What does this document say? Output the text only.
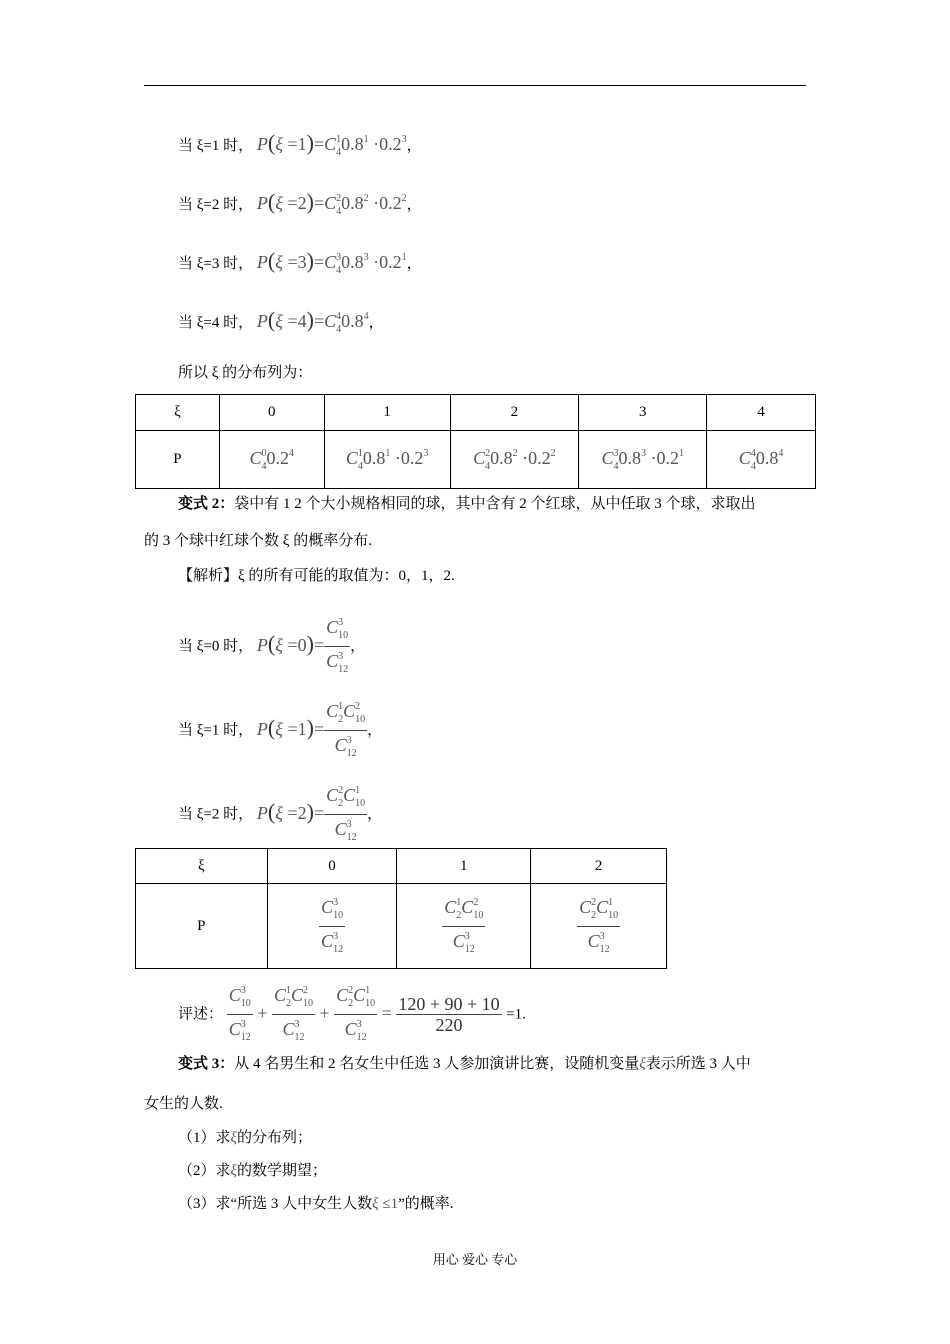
当 ξ=1 时， $P(\xi =1)=C^1_40.8^1 \cdot 0.2^3$，
当 ξ=2 时， $P(\xi =2)=C^2_40.8^2 \cdot 0.2^2$，
当 ξ=3 时， $P(\xi =3)=C^3_40.8^3 \cdot 0.2^1$，
当 ξ=4 时， $P(\xi =4)=C^4_40.8^4$，
所以 ξ 的分布列为：
ξ	0	1	2	3	4
P	$C^0_40.2^4$	$C^1_40.8^1 \cdot 0.2^3$	$C^2_40.8^2 \cdot 0.2^2$	$C^3_40.8^3 \cdot 0.2^1$	$C^4_40.8^4$
变式 2：袋中有 1 2 个大小规格相同的球，其中含有 2 个红球，从中任取 3 个球，求取出
的 3 个球中红球个数 ξ 的概率分布.
【解析】ξ 的所有可能的取值为：0，1，2.
当 ξ=0 时， $P(\xi =0)= \frac{C^3_{10}}{C^3_{12}}$ ，
当 ξ=1 时， $P(\xi =1)= \frac{C^1_2C^2_{10}}{C^3_{12}}$ ，
当 ξ=2 时， $P(\xi =2)= \frac{C^2_2C^1_{10}}{C^3_{12}}$ ，
ξ	0	1	2
P	$\frac{C^3_{10}}{C^3_{12}}$	$\frac{C^1_2C^2_{10}}{C^3_{12}}$	$\frac{C^2_2C^1_{10}}{C^3_{12}}$
评述： $\frac{C^3_{10}}{C^3_{12}} + \frac{C^1_2C^2_{10}}{C^3_{12}} + \frac{C^2_2C^1_{10}}{C^3_{12}} = \frac{120 + 90 + 10}{220} =1$.
变式 3：从 4 名男生和 2 名女生中任选 3 人参加演讲比赛，设随机变量ξ表示所选 3 人中
女生的人数.
（1）求ξ的分布列；
（2）求ξ的数学期望；
（3）求“所选 3 人中女生人数ξ ≤1”的概率.
用心 爱心 专心
